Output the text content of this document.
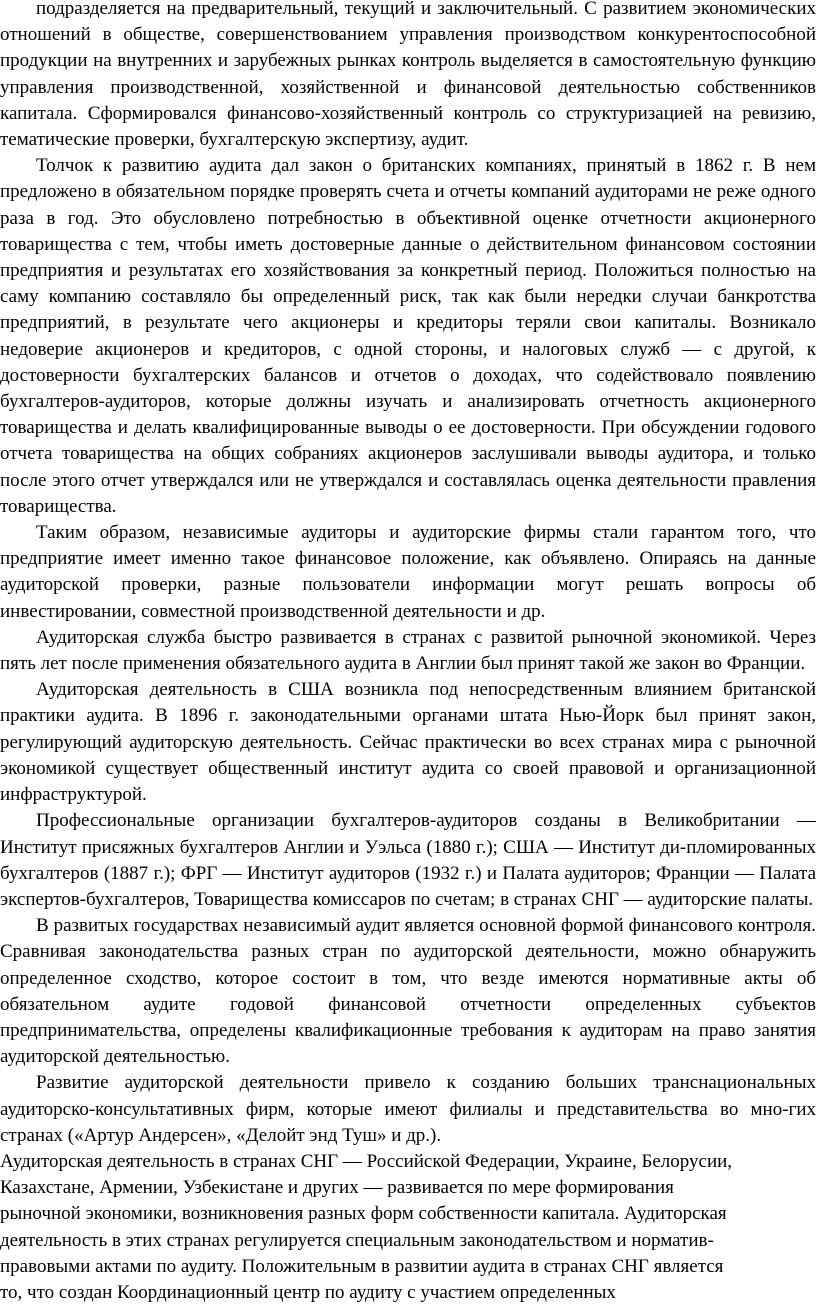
подразделяется на предварительный, текущий и заключительный. С развитием экономических отношений в обществе, совершенствованием управления производством конкурентоспособной продукции на внутренних и зарубежных рынках контроль выделяется в самостоятельную функцию управления производственной, хозяйственной и финансовой деятельностью собственников капитала. Сформировался финансово-хозяйственный контроль со структуризацией на ревизию, тематические проверки, бухгалтерскую экспертизу, аудит.

Толчок к развитию аудита дал закон о британских компаниях, принятый в 1862 г. В нем предложено в обязательном порядке проверять счета и отчеты компаний аудиторами не реже одного раза в год. Это обусловлено потребностью в объективной оценке отчетности акционерного товарищества с тем, чтобы иметь достоверные данные о действительном финансовом состоянии предприятия и результатах его хозяйствования за конкретный период. Положиться полностью на саму компанию составляло бы определенный риск, так как были нередки случаи банкротства предприятий, в результате чего акционеры и кредиторы теряли свои капиталы. Возникало недоверие акционеров и кредиторов, с одной стороны, и налоговых служб — с другой, к достоверности бухгалтерских балансов и отчетов о доходах, что содействовало появлению бухгалтеров-аудиторов, которые должны изучать и анализировать отчетность акционерного товарищества и делать квалифицированные выводы о ее достоверности. При обсуждении годового отчета товарищества на общих собраниях акционеров заслушивали выводы аудитора, и только после этого отчет утверждался или не утверждался и составлялась оценка деятельности правления товарищества.

Таким образом, независимые аудиторы и аудиторские фирмы стали гарантом того, что предприятие имеет именно такое финансовое положение, как объявлено. Опираясь на данные аудиторской проверки, разные пользователи информации могут решать вопросы об инвестировании, совместной производственной деятельности и др.

Аудиторская служба быстро развивается в странах с развитой рыночной экономикой. Через пять лет после применения обязательного аудита в Англии был принят такой же закон во Франции.

Аудиторская деятельность в США возникла под непосредственным влиянием британской практики аудита. В 1896 г. законодательными органами штата Нью-Йорк был принят закон, регулирующий аудиторскую деятельность. Сейчас практически во всех странах мира с рыночной экономикой существует общественный институт аудита со своей правовой и организационной инфраструктурой.

Профессиональные организации бухгалтеров-аудиторов созданы в Великобритании — Институт присяжных бухгалтеров Англии и Уэльса (1880 г.); США — Институт ди-пломированных бухгалтеров (1887 г.); ФРГ — Институт аудиторов (1932 г.) и Палата аудиторов; Франции — Палата экспертов-бухгалтеров, Товарищества комиссаров по счетам; в странах СНГ — аудиторские палаты.

В развитых государствах независимый аудит является основной формой финансового контроля. Сравнивая законодательства разных стран по аудиторской деятельности, можно обнаружить определенное сходство, которое состоит в том, что везде имеются нормативные акты об обязательном аудите годовой финансовой отчетности определенных субъектов предпринимательства, определены квалификационные требования к аудиторам на право занятия аудиторской деятельностью.

Развитие аудиторской деятельности привело к созданию больших транснациональных аудиторско-консультативных фирм, которые имеют филиалы и представительства во мно-гих странах («Артур Андерсен», «Делойт энд Туш» и др.).

Аудиторская деятельность в странах СНГ — Российской Федерации, Украине, Белорусии,
Казахстане, Армении, Узбекистане и других — развивается по мере формирования
рыночной экономики, возникновения разных форм собственности капитала. Аудиторская
деятельность в этих странах регулируется специальным законодательством и норматив-
правовыми актами по аудиту. Положительным в развитии аудита в странах СНГ является
то, что создан Координационный центр по аудиту с участием определенных
